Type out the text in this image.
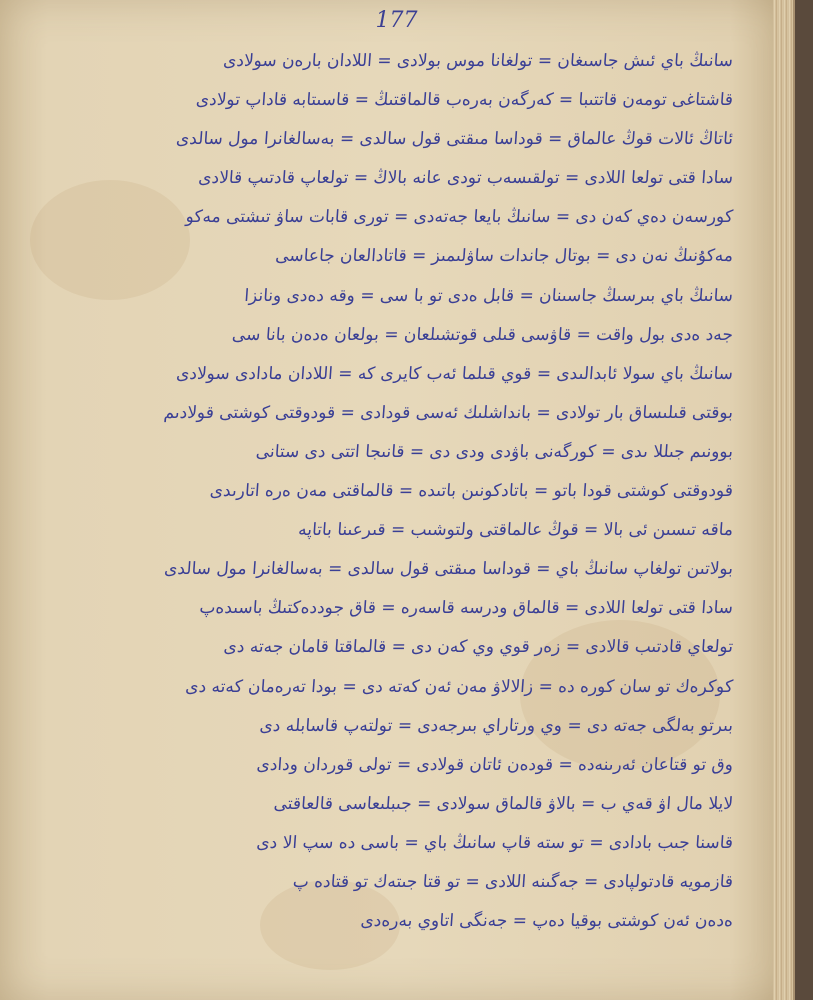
177
سانىڭ باي ئىش جاسىغان = تولغانا موس بولادى = اللادان بارەن سولادى
قاشتاغى تومەن قاتتىبا = كەرگەن بەرەب قالماقتىڭ = قاسىتابە قاداپ تولادى
ئاتاڭ ئالات قوڭ عالماق = قوداسا مىقتى قول سالدى = بەسالغانرا مول سالدى
سادا قتى تولعا اللادى = تولقىسەب تودى عانە بالاڭ = تولعاپ قادتىپ قالادى
كورسەن دەي كەن دى = سانىڭ بايعا جەتەدى = تورى قابات ساۋ تىشتى مەكو
مەكۇنىڭ نەن دى = بوتال جاندات ساۋلىمىز = قاتادالعان جاعاسى
سانىڭ باي بىرسىڭ جاسىنان = قابل ەدى تو با سى = وقە دەدى ونانزا
جەد ەدى بول واقت = قاۋسى قىلى قوتشىلعان = بولعان ەدەن بانا سى
سانىڭ باي سولا ئابدالىدى = قوي قىلما ئەب كايرى كە = اللادان مادادى سولادى
بوقتى قىلىساق بار تولادى = بانداشلىك ئەسى قودادى = قودوقتى كوشتى قولادىم
بوونىم جىللا ىدى = كورگەنى باۋدى ودى دى = قانىجا اتتى دى ستانى
قودوقتى كوشتى قودا باتو = باتادكونىن باتىدە = قالماقتى مەن ەرە اتارىدى
ماقە تىسىن ئى بالا = قوڭ عالماقتى ولتوشىب = قىرعىنا باتاپە
بولاتىن تولغاپ سانىڭ باي = قوداسا مىقتى قول سالدى = بەسالغانرا مول سالدى
سادا قتى تولعا اللادى = قالماق ودرسە قاسەرە = قاق جوددەكتىڭ باسىدەپ
تولعاي قادتىب قالادى = زەر قوي وي كەن دى = قالماقتا قامان جەتە دى
كوكرەك تو سان كورە دە = زالالاۋ مەن ئەن كەتە دى = بودا تەرەمان كەتە دى
بىرتو بەلگى جەتە دى = وي ورتاراي بىرجەدى = تولتەپ قاسابلە دى
وق تو قتاعان ئەرىنەدە = قودەن ئاتان قولادى = تولى قوردان ودادى
لايلا مال اۋ قەي ب = بالاۋ قالماق سولادى = جىبلىعاسى قالعاقتى
قاسنا جىب بادادى = تو ستە قاپ سانىڭ باي = باسى دە سپ الا دى
قازمويە قادتولپادى = جەگىنە اللادى = تو قتا جىتەك تو قتادە پ
ەدەن ئەن كوشتى بوقيا دەپ = جەنگى اتاوي بەرەدى
